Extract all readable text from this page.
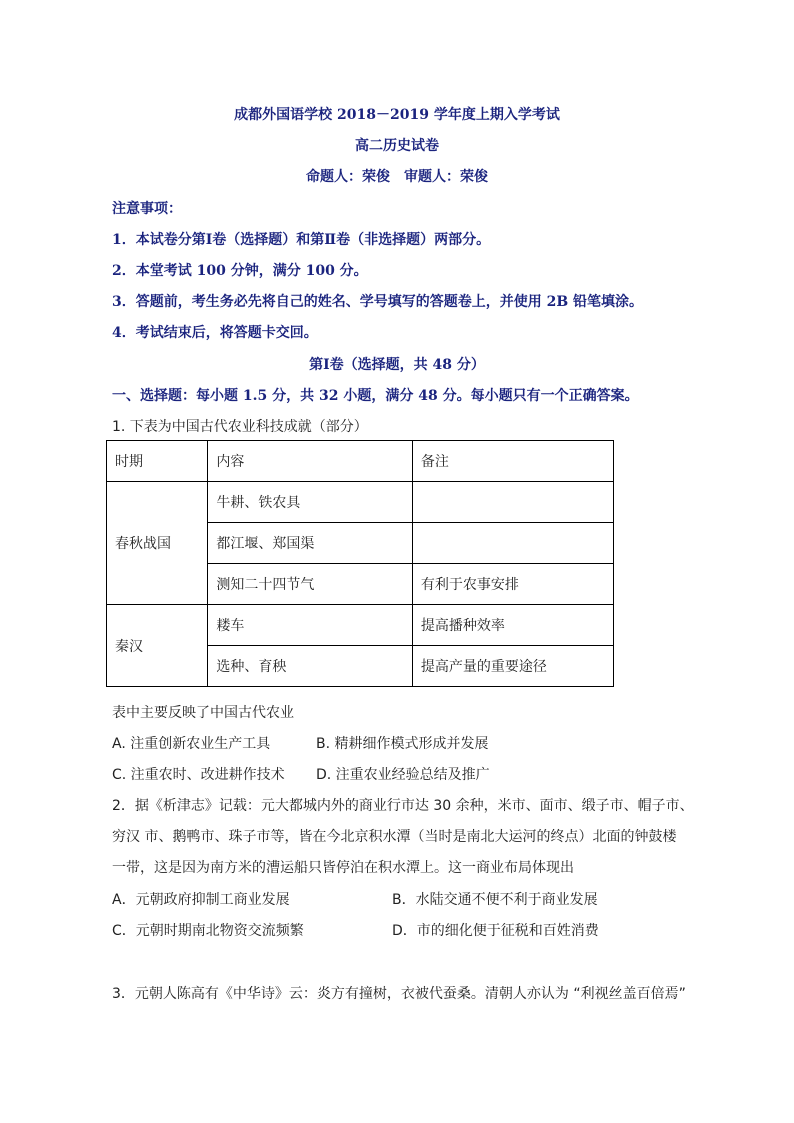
成都外国语学校 2018－2019 学年度上期入学考试
高二历史试卷
命题人：荣俊　审题人：荣俊
注意事项：
1．本试卷分第Ⅰ卷（选择题）和第Ⅱ卷（非选择题）两部分。
2．本堂考试 100 分钟，满分 100 分。
3．答题前，考生务必先将自己的姓名、学号填写的答题卷上，并使用 2B 铅笔填涂。
4．考试结束后，将答题卡交回。
第Ⅰ卷（选择题，共 48 分）
一、选择题：每小题 1.5 分，共 32 小题，满分 48 分。每小题只有一个正确答案。
1. 下表为中国古代农业科技成就（部分）
时期	内容	备注
春秋战国	牛耕、铁农具	
	都江堰、郑国渠	
	测知二十四节气	有利于农事安排
秦汉	耧车	提高播种效率
	选种、育秧	提高产量的重要途径
表中主要反映了中国古代农业
A. 注重创新农业生产工具	B. 精耕细作模式形成并发展
C. 注重农时、改进耕作技术 D. 注重农业经验总结及推广
2．据《析津志》记载：元大都城内外的商业行市达 30 余种，米市、面市、缎子市、帽子市、
穷汉 市、鹅鸭市、珠子市等，皆在今北京积水潭（当时是南北大运河的终点）北面的钟鼓楼
一带，这是因为南方米的漕运船只皆停泊在积水潭上。这一商业布局体现出
A．元朝政府抑制工商业发展	B．水陆交通不便不利于商业发展
C．元朝时期南北物资交流频繁	D．市的细化便于征税和百姓消费
3．元朝人陈高有《中华诗》云：炎方有撞树，衣被代蚕桑。清朝人亦认为 “利视丝盖百倍焉”
